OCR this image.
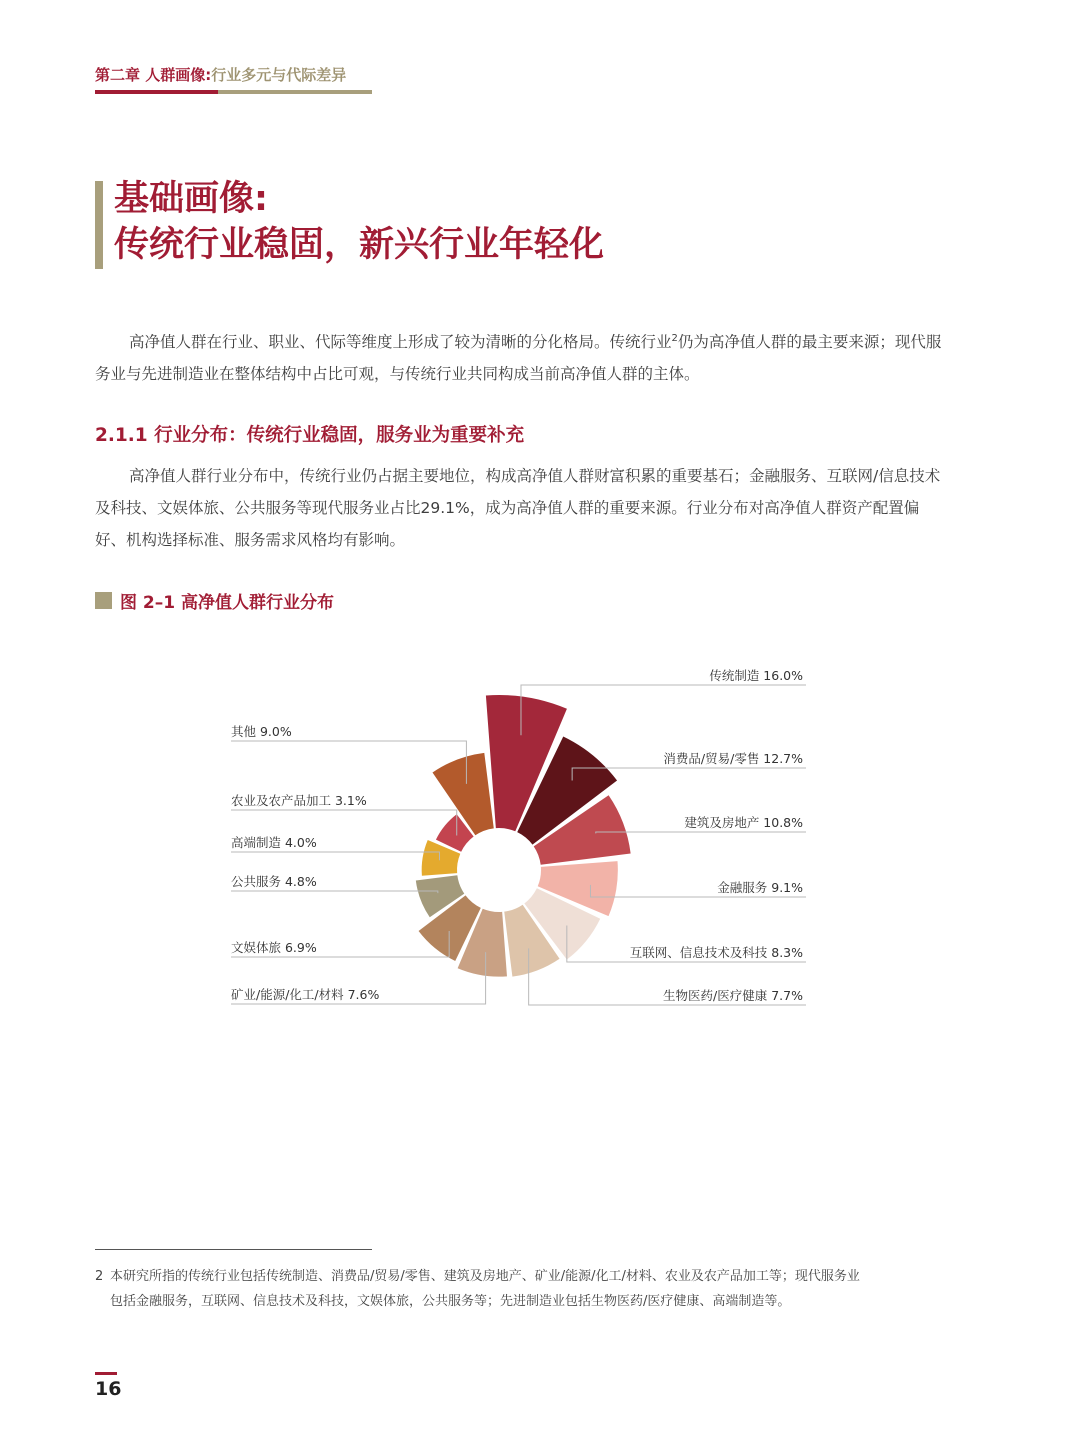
第二章 人群画像:行业多元与代际差异
基础画像:
传统行业稳固，新兴行业年轻化
高净值人群在行业、职业、代际等维度上形成了较为清晰的分化格局。传统行业$^2$仍为高净值人群的最主要来源；现代服务业与先进制造业在整体结构中占比可观，与传统行业共同构成当前高净值人群的主体。
2.1.1 行业分布：传统行业稳固，服务业为重要补充
高净值人群行业分布中，传统行业仍占据主要地位，构成高净值人群财富积累的重要基石；金融服务、互联网/信息技术及科技、文娱体旅、公共服务等现代服务业占比29.1%，成为高净值人群的重要来源。行业分布对高净值人群资产配置偏好、机构选择标准、服务需求风格均有影响。
图 2–1 高净值人群行业分布
传统制造 16.0%
消费品/贸易/零售 12.7%
建筑及房地产 10.8%
金融服务 9.1%
互联网、信息技术及科技 8.3%
生物医药/医疗健康 7.7%
矿业/能源/化工/材料 7.6%
文娱体旅 6.9%
公共服务 4.8%
高端制造 4.0%
农业及农产品加工 3.1%
其他 9.0%
2 本研究所指的传统行业包括传统制造、消费品/贸易/零售、建筑及房地产、矿业/能源/化工/材料、农业及农产品加工等；现代服务业
包括金融服务，互联网、信息技术及科技，文娱体旅，公共服务等；先进制造业包括生物医药/医疗健康、高端制造等。
16
